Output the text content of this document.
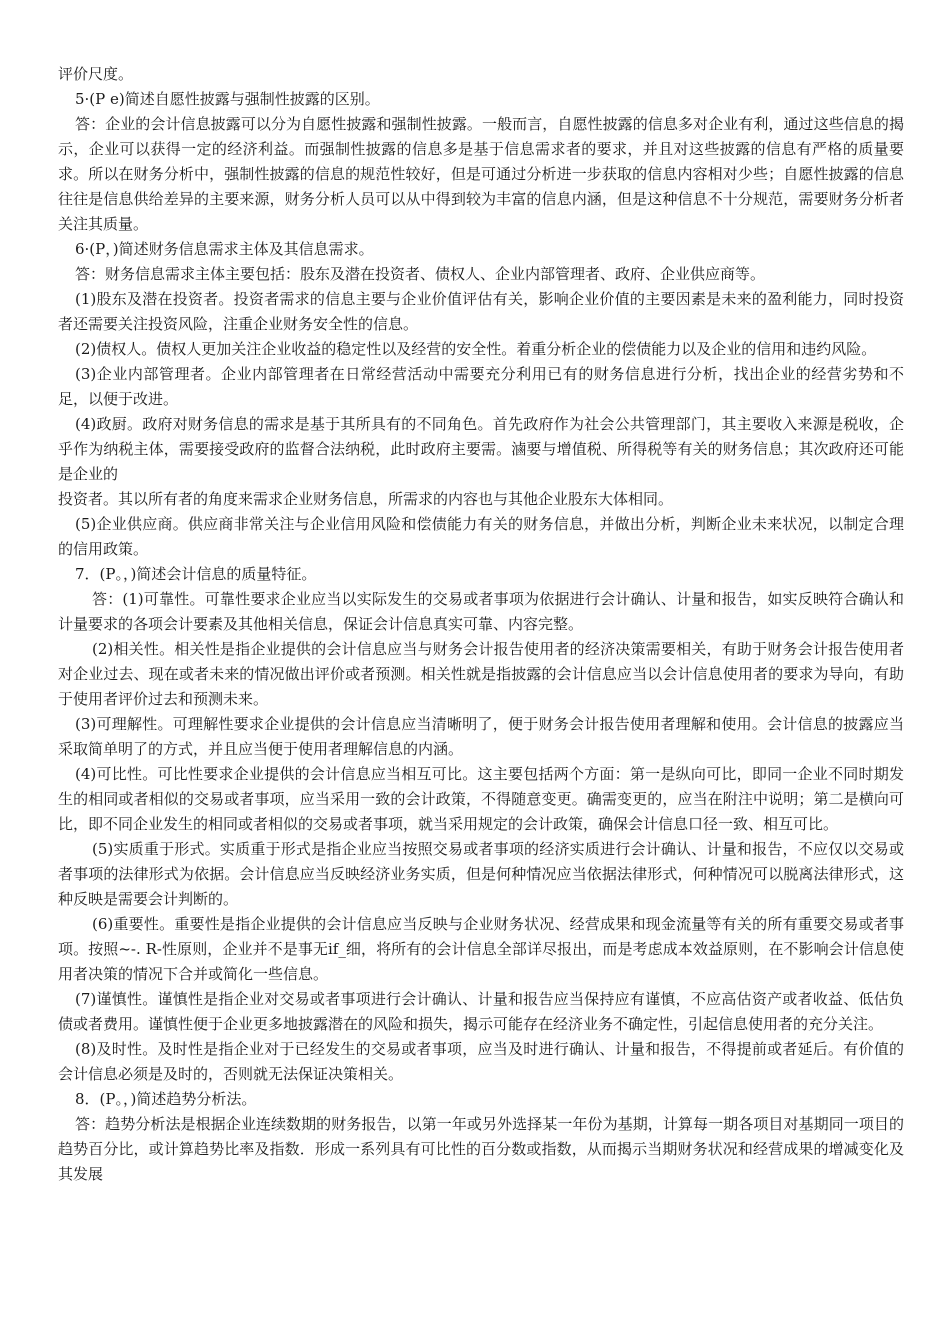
评价尺度。

5·(P e)简述自愿性披露与强制性披露的区别。

答：企业的会计信息披露可以分为自愿性披露和强制性披露。一般而言，自愿性披露的信息多对企业有利，通过这些信息的揭示，企业可以获得一定的经济利益。而强制性披露的信息多是基于信息需求者的要求，并且对这些披露的信息有严格的质量要求。所以在财务分析中，强制性披露的信息的规范性较好，但是可通过分析进一步获取的信息内容相对少些；自愿性披露的信息往往是信息供给差异的主要来源，财务分析人员可以从中得到较为丰富的信息内涵，但是这种信息不十分规范，需要财务分析者关注其质量。

6·(P，)简述财务信息需求主体及其信息需求。

答：财务信息需求主体主要包括：股东及潜在投资者、债权人、企业内部管理者、政府、企业供应商等。

(1)股东及潜在投资者。投资者需求的信息主要与企业价值评估有关，影响企业价值的主要因素是未来的盈利能力，同时投资者还需要关注投资风险，注重企业财务安全性的信息。

(2)债权人。债权人更加关注企业收益的稳定性以及经营的安全性。着重分析企业的偿债能力以及企业的信用和违约风险。

(3)企业内部管理者。企业内部管理者在日常经营活动中需要充分利用已有的财务信息进行分析，找出企业的经营劣势和不足，以便于改进。

(4)政厨。政府对财务信息的需求是基于其所具有的不同角色。首先政府作为社会公共管理部门，其主要收入来源是税收，企乎作为纳税主体，需要接受政府的监督合法纳税，此时政府主要需。滷要与增值税、所得税等有关的财务信息；其次政府还可能是企业的

投资者。其以所有者的角度来需求企业财务信息，所需求的内容也与其他企业股东大体相同。

(5)企业供应商。供应商非常关注与企业信用风险和偿债能力有关的财务信息，并做出分析，判断企业未来状况，以制定合理的信用政策。

7．(P。，)简述会计信息的质量特征。

答：(1)可靠性。可靠性要求企业应当以实际发生的交易或者事项为依据进行会计确认、计量和报告，如实反映符合确认和计量要求的各项会计要素及其他相关信息，保证会计信息真实可靠、内容完整。

(2)相关性。相关性是指企业提供的会计信息应当与财务会计报告使用者的经济决策需要相关，有助于财务会计报告使用者对企业过去、现在或者未来的情况做出评价或者预测。相关性就是指披露的会计信息应当以会计信息使用者的要求为导向，有助于使用者评价过去和预测未来。

(3)可理解性。可理解性要求企业提供的会计信息应当清晰明了，便于财务会计报告使用者理解和使用。会计信息的披露应当采取简单明了的方式，并且应当便于使用者理解信息的内涵。

(4)可比性。可比性要求企业提供的会计信息应当相互可比。这主要包括两个方面：第一是纵向可比，即同一企业不同时期发生的相同或者相似的交易或者事项，应当采用一致的会计政策，不得随意变更。确需变更的，应当在附注中说明；第二是横向可比，即不同企业发生的相同或者相似的交易或者事项，就当采用规定的会计政策，确保会计信息口径一致、相互可比。

(5)实质重于形式。实质重于形式是指企业应当按照交易或者事项的经济实质进行会计确认、计量和报告，不应仅以交易或者事项的法律形式为依据。会计信息应当反映经济业务实质，但是何种情况应当依据法律形式，何种情况可以脱离法律形式，这种反映是需要会计判断的。

(6)重要性。重要性是指企业提供的会计信息应当反映与企业财务状况、经营成果和现金流量等有关的所有重要交易或者事项。按照~-. R-性原则，企业并不是事无if_细，将所有的会计信息全部详尽报出，而是考虑成本效益原则，在不影响会计信息使用者决策的情况下合并或简化一些信息。

(7)谨慎性。谨慎性是指企业对交易或者事项进行会计确认、计量和报告应当保持应有谨慎，不应高估资产或者收益、低估负债或者费用。谨慎性便于企业更多地披露潜在的风险和损失，揭示可能存在经济业务不确定性，引起信息使用者的充分关注。

(8)及时性。及时性是指企业对于已经发生的交易或者事项，应当及时进行确认、计量和报告，不得提前或者延后。有价值的会计信息必须是及时的，否则就无法保证决策相关。

8．(P。，)简述趋势分析法。

答：趋势分析法是根据企业连续数期的财务报告，以第一年或另外选择某一年份为基期，计算每一期各项目对基期同一项目的趋势百分比，或计算趋势比率及指数．形成一系列具有可比性的百分数或指数，从而揭示当期财务状况和经营成果的增减变化及其发展
